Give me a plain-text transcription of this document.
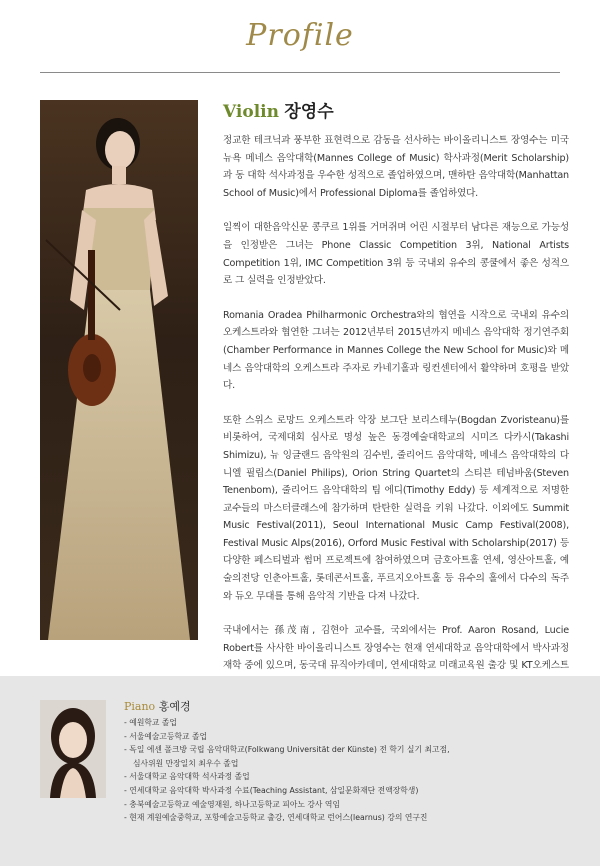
Profile
Violin 장영수

정교한 테크닉과 풍부한 표현력으로 감동을 선사하는 바이올리니스트 장영수는 미국 뉴욕 메네스 음악대학(Mannes College of Music) 학사과정(Merit Scholarship)과 동 대학 석사과정을 우수한 성적으로 졸업하였으며, 맨하탄 음악대학(Manhattan School of Music)에서 Professional Diploma를 졸업하였다.

일찍이 대한음악신문 콩쿠르 1위를 거머쥐며 어린 시절부터 남다른 재능으로 가능성을 인정받은 그녀는 Phone Classic Competition 3위, National Artists Competition 1위, IMC Competition 3위 등 국내외 유수의 콩쿨에서 좋은 성적으로 그 실력을 인정받았다.

Romania Oradea Philharmonic Orchestra와의 협연을 시작으로 국내외 유수의 오케스트라와 협연한 그녀는 2012년부터 2015년까지 메네스 음악대학 정기연주회(Chamber Performance in Mannes College the New School for Music)와 메네스 음악대학의 오케스트라 주자로 카네기홀과 링컨센터에서 활약하며 호평을 받았다.

또한 스위스 로망드 오케스트라 악장 보그단 보리스테누(Bogdan Zvoristeanu)를 비롯하여, 국제대회 심사로 명성 높은 동경예술대학교의 시미즈 다카시(Takashi Shimizu), 뉴 잉글랜드 음악원의 김수빈, 줄리어드 음악대학, 메네스 음악대학의 다니엘 필립스(Daniel Philips), Orion String Quartet의 스티븐 테넘바움(Steven Tenenbom), 줄리어드 음악대학의 팀 에디(Timothy Eddy) 등 세계적으로 저명한 교수들의 마스터클래스에 참가하며 탄탄한 실력을 키워 나갔다. 이외에도 Summit Music Festival(2011), Seoul International Music Camp Festival(2008), Festival Music Alps(2016), Orford Music Festival with Scholarship(2017) 등 다양한 페스티벌과 썸머 프로젝트에 참여하였으며 금호아트홀 연세, 영산아트홀, 예술의전당 인춘아트홀, 롯데콘서트홀, 푸르지오아트홀 등 유수의 홀에서 다수의 독주와 듀오 무대를 통해 음악적 기반을 다져 나갔다.

국내에서는 孫茂南, 김현아 교수를, 국외에서는 Prof. Aaron Rosand, Lucie Robert를 사사한 바이올리니스트 장영수는 현재 연세대학교 음악대학에서 박사과정 재학 중에 있으며, 동국대 뮤직아카데미, 연세대학교 미래교육원 출강 및 KT오케스트

Piano 홍예경
- 예원학교 졸업
- 서울예술고등학교 졸업
- 독일 에센 폴크방 국립 음악대학교(Folkwang Universität der Künste) 전 학기 실기 최고점,
심사위원 만장일치 최우수 졸업
- 서울대학교 음악대학 석사과정 졸업
- 연세대학교 음악대학 박사과정 수료(Teaching Assistant, 삼일문화재단 전액장학생)
- 충북예술고등학교 예술영재원, 하나고등학교 피아노 강사 역임
- 현재 계원예술중학교, 포항예술고등학교 출강, 연세대학교 런어스(learnus) 강의 연구진
